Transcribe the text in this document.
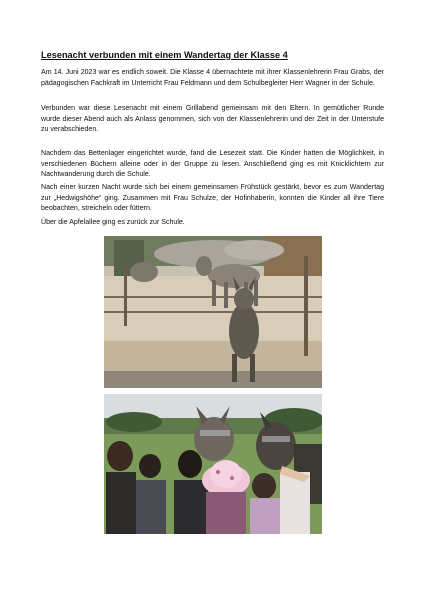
Lesenacht verbunden mit einem Wandertag der Klasse 4

Am 14. Juni 2023 war es endlich soweit. Die Klasse 4 übernachtete mit ihrer Klassenlehrerin Frau Grabs, der pädagogischen Fachkraft im Unterricht Frau Feldmann und dem Schulbegleiter Herr Wagner in der Schule.

Verbunden war diese Lesenacht mit einem Grillabend gemeinsam mit den Eltern. In gemütlicher Runde wurde dieser Abend auch als Anlass genommen, sich von der Klassenlehrerin und der Zeit in der Unterstufe zu verabschieden.

Nachdem das Bettenlager eingerichtet wurde, fand die Lesezeit statt. Die Kinder hatten die Möglichkeit, in verschiedenen Büchern alleine oder in der Gruppe zu lesen. Anschließend ging es mit Knicklichtern zur Nachtwanderung durch die Schule.

Nach einer kurzen Nacht wurde sich bei einem gemeinsamen Frühstück gestärkt, bevor es zum Wandertag zur „Hedwigshöhe“ ging. Zusammen mit Frau Schulze, der Hofinhaberin, konnten die Kinder all ihre Tiere beobachten, streicheln oder füttern.

Über die Apfelallee ging es zurück zur Schule.
